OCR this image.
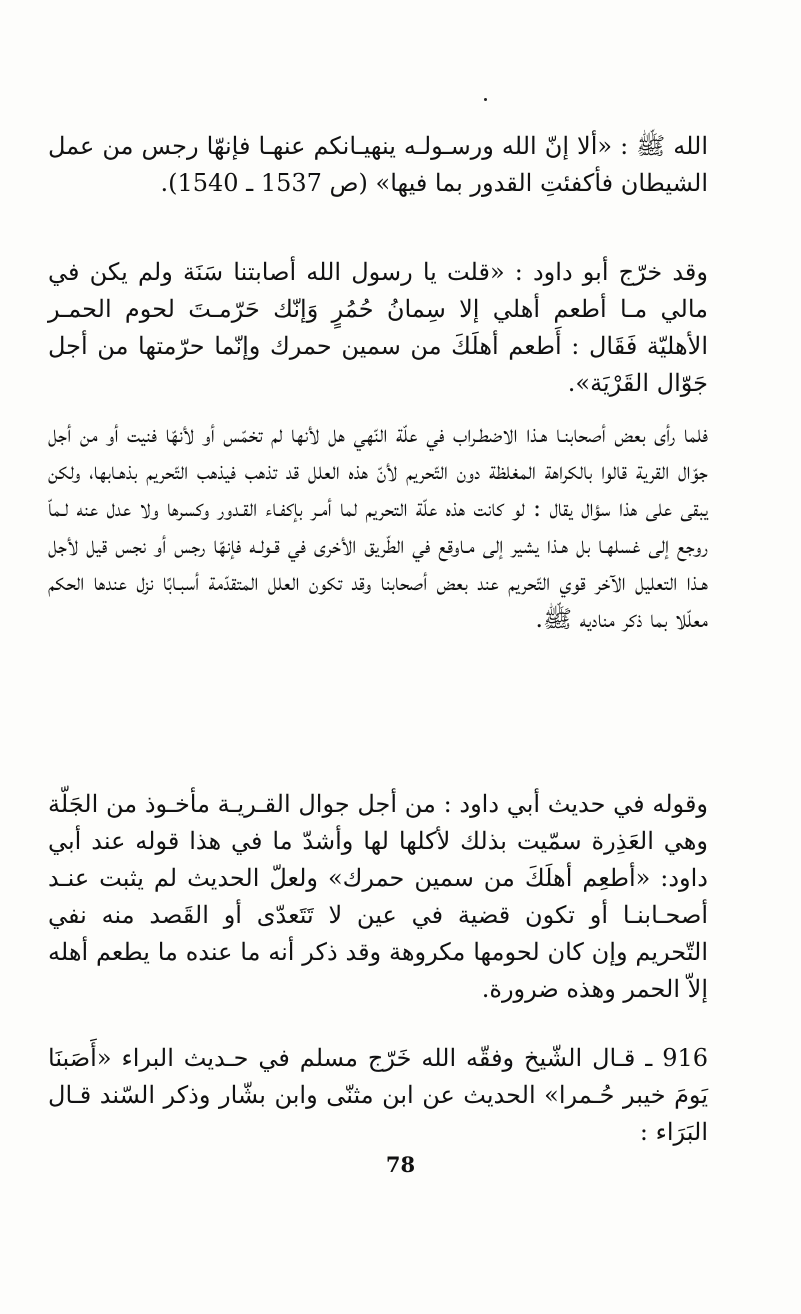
الله ﷺ : «ألا إنّ الله ورسـولـه ينهيـانكم عنهـا فإنهّا رجس من عمل الشيطان فأكفئتِ القدور بما فيها» (ص 1537 ـ 1540).

وقد خرّج أبو داود : «قلت يا رسول الله أصابتنا سَنَة ولم يكن في مالي مـا أطعم أهلي إلا سِمانُ حُمُرٍ وَإنّك حَرّمـتَ لحوم الحمـر الأهليّة فَقَال : أَطعم أهلَكَ من سمين حمرك وإنّما حرّمتها من أجل جَوّال القَرْيَة».

فلما رأى بعض أصحابنـا هـذا الاضطـراب في علّة النّهي هل لأنها لم تخمّس أو لأنهّا فنيت أو من أجل جوّال القرية قالوا بالكراهة المغلظة دون التّحريم لأنّ هذه العلل قد تذهب فيذهب التّحريم بذهـابها، ولكن يبقى على هذا سؤال يقال : لو كانت هذه علّة التحريم لما أمـر بإكفـاء القـدور وكسرها ولا عدل عنه لـماّ روجع إلى غسلهـا بل هـذا يشير إلى مـاوقع في الطّريق الأخرى في قـولـه فإنهّا رجس أو نجس قيل لأجل هـذا التعليل الآخر قوي التّحريم عند بعض أصحابنا وقد تكون العلل المتقدّمة أسبـابًا نزل عندها الحكم معلّلا بما ذكر مناديه ﷺ.

وقوله في حديث أبي داود : من أجل جوال القـريـة مأخـوذ من الجَلّة وهي العَذِرة سمّيت بذلك لأكلها لها وأشدّ ما في هذا قوله عند أبي داود: «أطعِم أهلَكَ من سمين حمرك» ولعلّ الحديث لم يثبت عنـد أصحـابنـا أو تكون قضية في عين لا تَتَعدّى أو القَصد منه نفي التّحريم وإن كان لحومها مكروهة وقد ذكر أنه ما عنده ما يطعم أهله إلاّ الحمر وهذه ضرورة.

916 ـ قـال الشّيخ وفقّه الله خَرّج مسلم في حـديث البراء «أَصَبنَا يَومَ خيبر حُـمرا» الحديث عن ابن مثنّى وابن بشّار وذكر السّند قـال البَرَاء :

78
